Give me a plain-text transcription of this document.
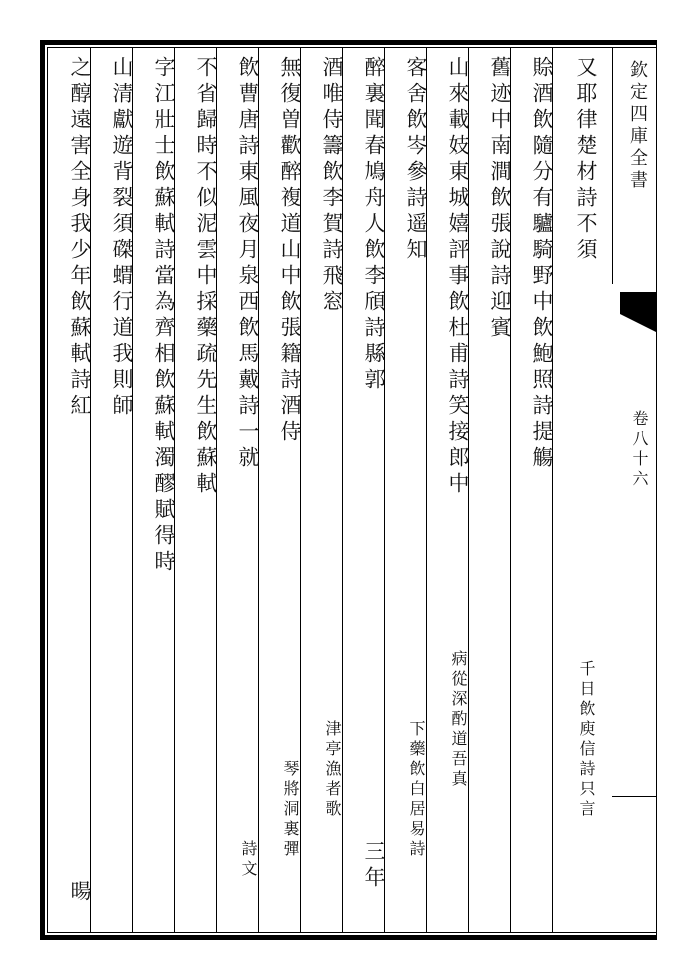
欽定四庫全書
卷八十六
又耶律楚材詩不須
賒酒飲隨分有驢騎野中飲鮑照詩提觴
舊迹中南澗飲張說詩迎賓
山來載妓東城嬉評事飲杜甫詩笑接郎中
客舍飲岑參詩遥知
醉裏聞春鳩舟人飲李頎詩縣郭
酒唯侍籌飲李賀詩飛窓
無復曽歡醉複道山中飲張籍詩酒侍
飲曹唐詩東風夜月泉西飲馬戴詩一就
不省歸時不似泥雲中採藥疏先生飲蘇軾
字江壯士飲蘇軾詩當為齊相飲蘇軾濁醪賦得時
山清獻遊背裂須磔蝟行道我則師
之醇遠害全身我少年飲蘇軾詩紅
千日飲庾信詩只言
病從深酌道吾真
下藥飲白居易詩
三年
津亭漁者歌
琴將洞裏彈
詩文
暘
